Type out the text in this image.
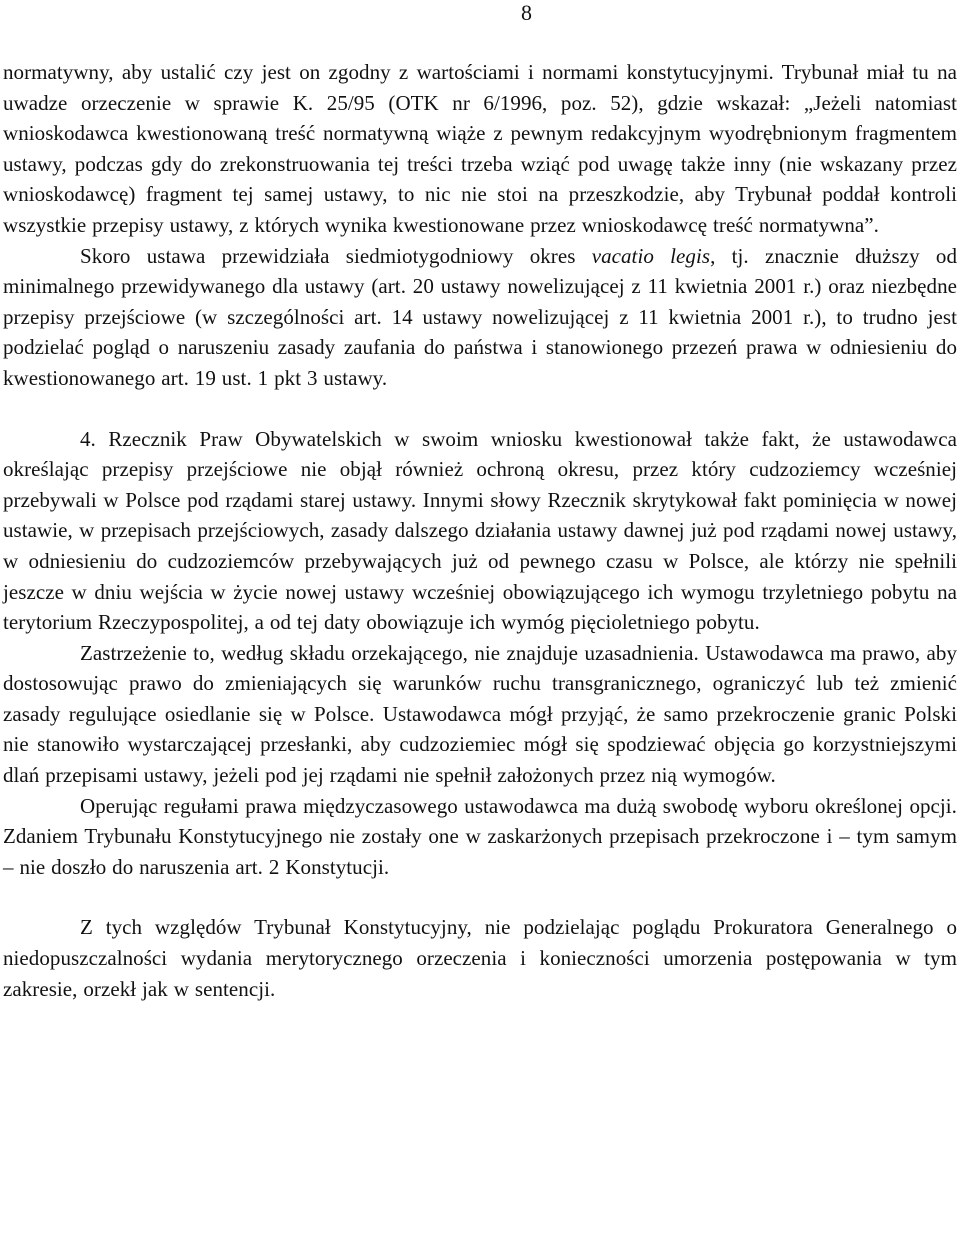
8

normatywny, aby ustalić czy jest on zgodny z wartościami i normami konstytucyjnymi. Trybunał miał tu na uwadze orzeczenie w sprawie K. 25/95 (OTK nr 6/1996, poz. 52), gdzie wskazał: „Jeżeli natomiast wnioskodawca kwestionowaną treść normatywną wiąże z pewnym redakcyjnym wyodrębnionym fragmentem ustawy, podczas gdy do zrekonstruowania tej treści trzeba wziąć pod uwagę także inny (nie wskazany przez wnioskodawcę) fragment tej samej ustawy, to nic nie stoi na przeszkodzie, aby Trybunał poddał kontroli wszystkie przepisy ustawy, z których wynika kwestionowane przez wnioskodawcę treść normatywna”.

Skoro ustawa przewidziała siedmiotygodniowy okres vacatio legis, tj. znacznie dłuższy od minimalnego przewidywanego dla ustawy (art. 20 ustawy nowelizującej z 11 kwietnia 2001 r.) oraz niezbędne przepisy przejściowe (w szczególności art. 14 ustawy nowelizującej z 11 kwietnia 2001 r.), to trudno jest podzielać pogląd o naruszeniu zasady zaufania do państwa i stanowionego przezeń prawa w odniesieniu do kwestionowanego art. 19 ust. 1 pkt 3 ustawy.

4. Rzecznik Praw Obywatelskich w swoim wniosku kwestionował także fakt, że ustawodawca określając przepisy przejściowe nie objął również ochroną okresu, przez który cudzoziemcy wcześniej przebywali w Polsce pod rządami starej ustawy. Innymi słowy Rzecznik skrytykował fakt pominięcia w nowej ustawie, w przepisach przejściowych, zasady dalszego działania ustawy dawnej już pod rządami nowej ustawy, w odniesieniu do cudzoziemców przebywających już od pewnego czasu w Polsce, ale którzy nie spełnili jeszcze w dniu wejścia w życie nowej ustawy wcześniej obowiązującego ich wymogu trzyletniego pobytu na terytorium Rzeczypospolitej, a od tej daty obowiązuje ich wymóg pięcioletniego pobytu.

Zastrzeżenie to, według składu orzekającego, nie znajduje uzasadnienia. Ustawodawca ma prawo, aby dostosowując prawo do zmieniających się warunków ruchu transgranicznego, ograniczyć lub też zmienić zasady regulujące osiedlanie się w Polsce. Ustawodawca mógł przyjąć, że samo przekroczenie granic Polski nie stanowiło wystarczającej przesłanki, aby cudzoziemiec mógł się spodziewać objęcia go korzystniejszymi dlań przepisami ustawy, jeżeli pod jej rządami nie spełnił założonych przez nią wymogów.

Operując regułami prawa międzyczasowego ustawodawca ma dużą swobodę wyboru określonej opcji. Zdaniem Trybunału Konstytucyjnego nie zostały one w zaskarżonych przepisach przekroczone i – tym samym – nie doszło do naruszenia art. 2 Konstytucji.

Z tych względów Trybunał Konstytucyjny, nie podzielając poglądu Prokuratora Generalnego o niedopuszczalności wydania merytorycznego orzeczenia i konieczności umorzenia postępowania w tym zakresie, orzekł jak w sentencji.
